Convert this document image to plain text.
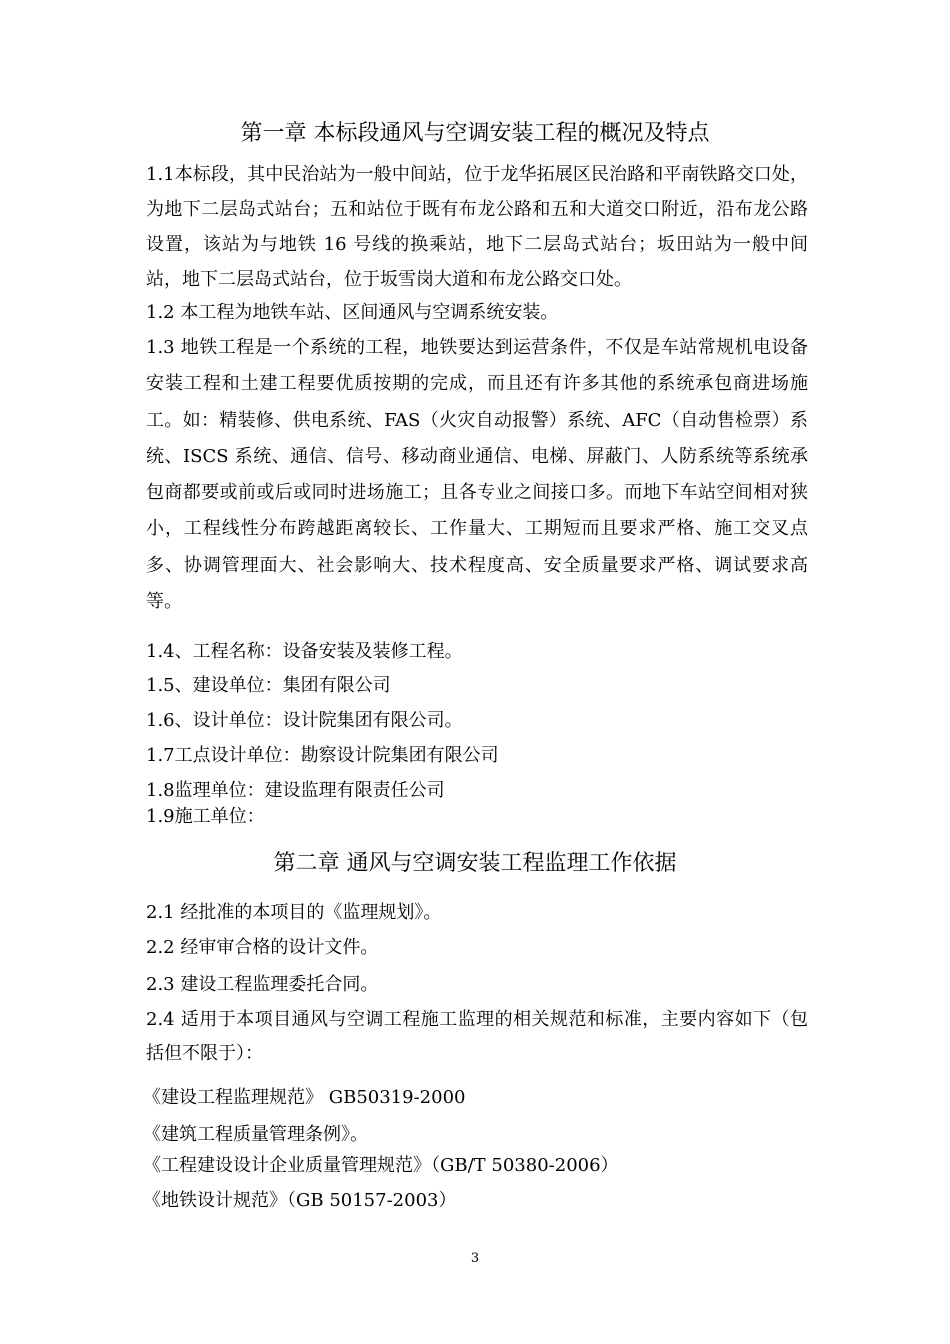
第一章 本标段通风与空调安装工程的概况及特点

1.1本标段，其中民治站为一般中间站，位于龙华拓展区民治路和平南铁路交口处，为地下二层岛式站台；五和站位于既有布龙公路和五和大道交口附近，沿布龙公路设置，该站为与地铁 16 号线的换乘站，地下二层岛式站台；坂田站为一般中间站，地下二层岛式站台，位于坂雪岗大道和布龙公路交口处。

1.2 本工程为地铁车站、区间通风与空调系统安装。

1.3 地铁工程是一个系统的工程，地铁要达到运营条件，不仅是车站常规机电设备安装工程和土建工程要优质按期的完成，而且还有许多其他的系统承包商进场施工。如：精装修、供电系统、FAS（火灾自动报警）系统、AFC（自动售检票）系统、ISCS 系统、通信、信号、移动商业通信、电梯、屏蔽门、人防系统等系统承包商都要或前或后或同时进场施工；且各专业之间接口多。而地下车站空间相对狭小，工程线性分布跨越距离较长、工作量大、工期短而且要求严格、施工交叉点多、协调管理面大、社会影响大、技术程度高、安全质量要求严格、调试要求高等。

1.4、工程名称：设备安装及装修工程。
1.5、建设单位：集团有限公司
1.6、设计单位：设计院集团有限公司。
1.7工点设计单位：勘察设计院集团有限公司
1.8监理单位：建设监理有限责任公司
1.9施工单位：
第二章 通风与空调安装工程监理工作依据
2.1 经批准的本项目的《监理规划》。
2.2 经审审合格的设计文件。
2.3 建设工程监理委托合同。

2.4 适用于本项目通风与空调工程施工监理的相关规范和标准，主要内容如下（包括但不限于）：

《建设工程监理规范》 GB50319-2000
《建筑工程质量管理条例》。
《工程建设设计企业质量管理规范》（GB/T 50380-2006）
《地铁设计规范》（GB 50157-2003）
3
